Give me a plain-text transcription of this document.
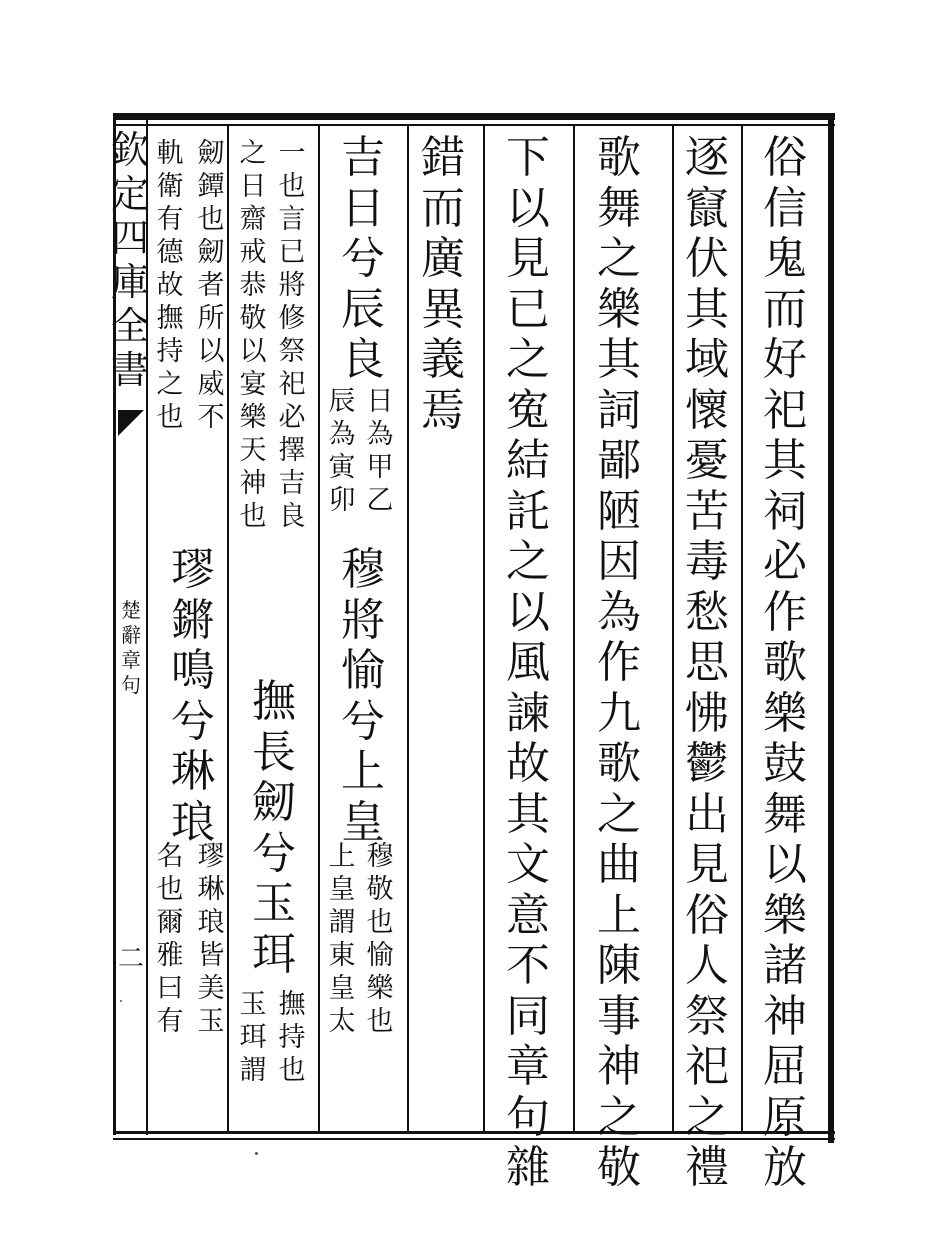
欽
定
四
庫
全
書
楚
辭
章
句
二
俗
信
鬼
而
好
祀
其
祠
必
作
歌
樂
鼓
舞
以
樂
諸
神
屈
原
放
逐
竄
伏
其
域
懷
憂
苦
毒
愁
思
怫
鬱
出
見
俗
人
祭
祀
之
禮
歌
舞
之
樂
其
詞
鄙
陋
因
為
作
九
歌
之
曲
上
陳
事
神
之
敬
下
以
見
已
之
寃
結
託
之
以
風
諫
故
其
文
意
不
同
章
句
雜
錯
而
廣
異
義
焉
吉
日
兮
辰
良
日
為
甲
乙
辰
為
寅
卯
穆
將
愉
兮
上
皇
穆
敬
也
愉
樂
也
上
皇
謂
東
皇
太
一
也
言
已
將
修
祭
祀
必
擇
吉
良
之
日
齋
戒
恭
敬
以
宴
樂
天
神
也
撫
長
劒
兮
玉
珥
撫
持
也
玉
珥
謂
劒
鐔
也
劒
者
所
以
威
不
軌
衛
有
德
故
撫
持
之
也
璆
鏘
鳴
兮
琳
琅
璆
琳
琅
皆
美
玉
名
也
爾
雅
曰
有
